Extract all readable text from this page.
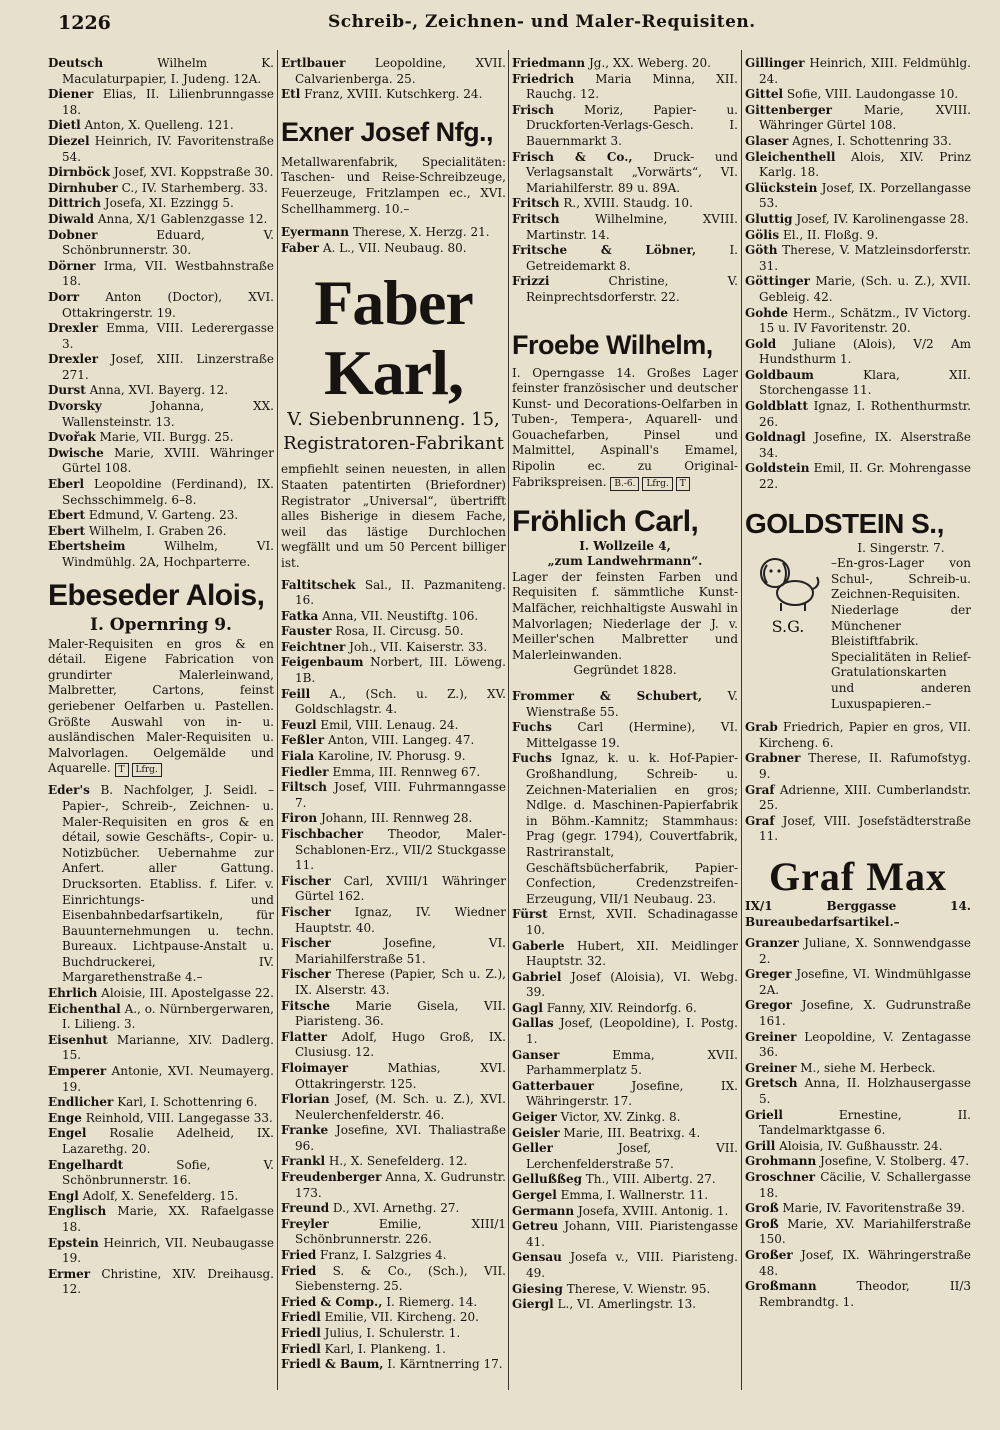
1226	Schreib-, Zeichnen- und Maler-Requisiten.
Deutsch Wilhelm K. Maculaturpapier, I. Judeng. 12A.
Diener Elias, II. Lilienbrunngasse 18.
Dietl Anton, X. Quelleng. 121.
Diezel Heinrich, IV. Favoritenstraße 54.
Dirnböck Josef, XVI. Koppstraße 30.
Dirnhuber C., IV. Starhemberg. 33.
Dittrich Josefa, XI. Ezzingg 5.
Diwald Anna, X/1 Gablenzgasse 12.
Dobner Eduard, V. Schönbrunnerstr. 30.
Dörner Irma, VII. Westbahnstraße 18.
Dorr Anton (Doctor), XVI. Ottakringerstr. 19.
Drexler Emma, VIII. Lederergasse 3.
Drexler Josef, XIII. Linzerstraße 271.
Durst Anna, XVI. Bayerg. 12.
Dvorsky Johanna, XX. Wallensteinstr. 13.
Dvořak Marie, VII. Burgg. 25.
Dwische Marie, XVIII. Währinger Gürtel 108.
Eberl Leopoldine (Ferdinand), IX. Sechsschimmelg. 6–8.
Ebert Edmund, V. Garteng. 23.
Ebert Wilhelm, I. Graben 26.
Ebertsheim Wilhelm, VI. Windmühlg. 2A, Hochparterre.
Ebeseder Alois,
I. Opernring 9.
Maler-Requisiten en gros & en détail. Eigene Fabrication von grundirter Malerleinwand, Malbretter, Cartons, feinst geriebener Oelfarben u. Pastellen. Größte Auswahl von in- u. ausländischen Maler-Requisiten u. Malvorlagen. Oelgemälde und Aquarelle. T Lfrg.
Eder's B. Nachfolger, J. Seidl. –Papier-, Schreib-, Zeichnen- u. Maler-Requisiten en gros & en détail, sowie Geschäfts-, Copir- u. Notizbücher. Uebernahme zur Anfert. aller Gattung. Drucksorten. Etabliss. f. Lifer. v. Einrichtungs- und Eisenbahnbedarfsartikeln, für Bauunternehmungen u. techn. Bureaux. Lichtpause-Anstalt u. Buchdruckerei, IV. Margarethenstraße 4.–
Ehrlich Aloisie, III. Apostelgasse 22.
Eichenthal A., o. Nürnbergerwaren, I. Lilieng. 3.
Eisenhut Marianne, XIV. Dadlerg. 15.
Emperer Antonie, XVI. Neumayerg. 19.
Endlicher Karl, I. Schottenring 6.
Enge Reinhold, VIII. Langegasse 33.
Engel Rosalie Adelheid, IX. Lazarethg. 20.
Engelhardt Sofie, V. Schönbrunnerstr. 16.
Engl Adolf, X. Senefelderg. 15.
Englisch Marie, XX. Rafaelgasse 18.
Epstein Heinrich, VII. Neubaugasse 19.
Ermer Christine, XIV. Dreihausg. 12.
Ertlbauer Leopoldine, XVII. Calvarienberga. 25.
Etl Franz, XVIII. Kutschkerg. 24.
Exner Josef Nfg.,
Metallwarenfabrik, Specialitäten: Taschen- und Reise-Schreibzeuge, Feuerzeuge, Fritzlampen ec., XVI. Schellhammerg. 10.–
Eyermann Therese, X. Herzg. 21.
Faber A. L., VII. Neubaug. 80.
Faber Karl,
V. Siebenbrunneng. 15,
Registratoren-Fabrikant
empfiehlt seinen neuesten, in allen Staaten patentirten (Briefordner) Registrator „Universal“, übertrifft alles Bisherige in diesem Fache, weil das lästige Durchlochen wegfällt und um 50 Percent billiger ist.
Faltitschek Sal., II. Pazmaniteng. 16.
Fatka Anna, VII. Neustiftg. 106.
Fauster Rosa, II. Circusg. 50.
Feichtner Joh., VII. Kaiserstr. 33.
Feigenbaum Norbert, III. Löweng. 1B.
Feill A., (Sch. u. Z.), XV. Goldschlagstr. 4.
Feuzl Emil, VIII. Lenaug. 24.
Feßler Anton, VIII. Langeg. 47.
Fiala Karoline, IV. Phorusg. 9.
Fiedler Emma, III. Rennweg 67.
Filtsch Josef, VIII. Fuhrmanngasse 7.
Firon Johann, III. Rennweg 28.
Fischbacher Theodor, Maler-Schablonen-Erz., VII/2 Stuckgasse 11.
Fischer Carl, XVIII/1 Währinger Gürtel 162.
Fischer Ignaz, IV. Wiedner Hauptstr. 40.
Fischer Josefine, VI. Mariahilferstraße 51.
Fischer Therese (Papier, Sch u. Z.), IX. Alserstr. 43.
Fitsche Marie Gisela, VII. Piaristeng. 36.
Flatter Adolf, Hugo Groß, IX. Clusiusg. 12.
Floimayer Mathias, XVI. Ottakringerstr. 125.
Florian Josef, (M. Sch. u. Z.), XVI. Neulerchenfelderstr. 46.
Franke Josefine, XVI. Thaliastraße 96.
Frankl H., X. Senefelderg. 12.
Freudenberger Anna, X. Gudrunstr. 173.
Freund D., XVI. Arnethg. 27.
Freyler Emilie, XIII/1 Schönbrunnerstr. 226.
Fried Franz, I. Salzgries 4.
Fried S. & Co., (Sch.), VII. Siebensterng. 25.
Fried & Comp., I. Riemerg. 14.
Friedl Emilie, VII. Kircheng. 20.
Friedl Julius, I. Schulerstr. 1.
Friedl Karl, I. Plankeng. 1.
Friedl & Baum, I. Kärntnerring 17.
Friedmann Jg., XX. Weberg. 20.
Friedrich Maria Minna, XII. Rauchg. 12.
Frisch Moriz, Papier- u. Druckforten-Verlags-Gesch. I. Bauernmarkt 3.
Frisch & Co., Druck- und Verlagsanstalt „Vorwärts“, VI. Mariahilferstr. 89 u. 89A.
Fritsch R., XVIII. Staudg. 10.
Fritsch Wilhelmine, XVIII. Martinstr. 14.
Fritsche & Löbner, I. Getreidemarkt 8.
Frizzi Christine, V. Reinprechtsdorferstr. 22.
Froebe Wilhelm,
I. Operngasse 14. Großes Lager feinster französischer und deutscher Kunst- und Decorations-Oelfarben in Tuben-, Tempera-, Aquarell- und Gouachefarben, Pinsel und Malmittel, Aspinall's Emamel, Ripolin ec. zu Original-Fabrikspreisen. B.-6. Lfrg. T
Fröhlich Carl,
I. Wollzeile 4,
„zum Landwehrmann“.
Lager der feinsten Farben und Requisiten f. sämmtliche Kunst-Malfächer, reichhaltigste Auswahl in Malvorlagen; Niederlage der J. v. Meiller'schen Malbretter und Malerleinwanden.
Gegründet 1828.
Frommer & Schubert, V. Wienstraße 55.
Fuchs Carl (Hermine), VI. Mittelgasse 19.
Fuchs Ignaz, k. u. k. Hof-Papier- Großhandlung, Schreib- u. Zeichnen-Materialien en gros; Ndlge. d. Maschinen-Papierfabrik in Böhm.-Kamnitz; Stammhaus: Prag (gegr. 1794), Couvertfabrik, Rastriranstalt, Geschäftsbücherfabrik, Papier-Confection, Credenzstreifen-Erzeugung, VII/1 Neubaug. 23.
Fürst Ernst, XVII. Schadinagasse 10.
Gaberle Hubert, XII. Meidlinger Hauptstr. 32.
Gabriel Josef (Aloisia), VI. Webg. 39.
Gagl Fanny, XIV. Reindorfg. 6.
Gallas Josef, (Leopoldine), I. Postg. 1.
Ganser Emma, XVII. Parhammerplatz 5.
Gatterbauer Josefine, IX. Währingerstr. 17.
Geiger Victor, XV. Zinkg. 8.
Geisler Marie, III. Beatrixg. 4.
Geller Josef, VII. Lerchenfelderstraße 57.
Gellußßeg Th., VIII. Albertg. 27.
Gergel Emma, I. Wallnerstr. 11.
Germann Josefa, XVIII. Antonig. 1.
Getreu Johann, VIII. Piaristengasse 41.
Gensau Josefa v., VIII. Piaristeng. 49.
Giesing Therese, V. Wienstr. 95.
Giergl L., VI. Amerlingstr. 13.
Gillinger Heinrich, XIII. Feldmühlg. 24.
Gittel Sofie, VIII. Laudongasse 10.
Gittenberger Marie, XVIII. Währinger Gürtel 108.
Glaser Agnes, I. Schottenring 33.
Gleichenthell Alois, XIV. Prinz Karlg. 18.
Glückstein Josef, IX. Porzellangasse 53.
Gluttig Josef, IV. Karolinengasse 28.
Gölis El., II. Floßg. 9.
Göth Therese, V. Matzleinsdorferstr. 31.
Göttinger Marie, (Sch. u. Z.), XVII. Gebleig. 42.
Gohde Herm., Schätzm., IV Victorg. 15 u. IV Favoritenstr. 20.
Gold Juliane (Alois), V/2 Am Hundsthurm 1.
Goldbaum Klara, XII. Storchengasse 11.
Goldblatt Ignaz, I. Rothenthurmstr. 26.
Goldnagl Josefine, IX. Alserstraße 34.
Goldstein Emil, II. Gr. Mohrengasse 22.
GOLDSTEIN S.,
S.G.
I. Singerstr. 7.
–En-gros-Lager von Schul-, Schreib-u. Zeichnen-Requisiten. Niederlage der Münchener Bleistiftfabrik. Specialitäten in Relief-Gratulationskarten und anderen Luxuspapieren.–
Grab Friedrich, Papier en gros, VII. Kircheng. 6.
Grabner Therese, II. Rafumofstyg. 9.
Graf Adrienne, XIII. Cumberlandstr. 25.
Graf Josef, VIII. Josefstädterstraße 11.
Graf Max
IX/1 Berggasse 14. Bureaubedarfsartikel.–
Granzer Juliane, X. Sonnwendgasse 2.
Greger Josefine, VI. Windmühlgasse 2A.
Gregor Josefine, X. Gudrunstraße 161.
Greiner Leopoldine, V. Zentagasse 36.
Greiner M., siehe M. Herbeck.
Gretsch Anna, II. Holzhausergasse 5.
Griell Ernestine, II. Tandelmarktgasse 6.
Grill Aloisia, IV. Gußhausstr. 24.
Grohmann Josefine, V. Stolberg. 47.
Groschner Cäcilie, V. Schallergasse 18.
Groß Marie, IV. Favoritenstraße 39.
Groß Marie, XV. Mariahilferstraße 150.
Großer Josef, IX. Währingerstraße 48.
Großmann Theodor, II/3 Rembrandtg. 1.
